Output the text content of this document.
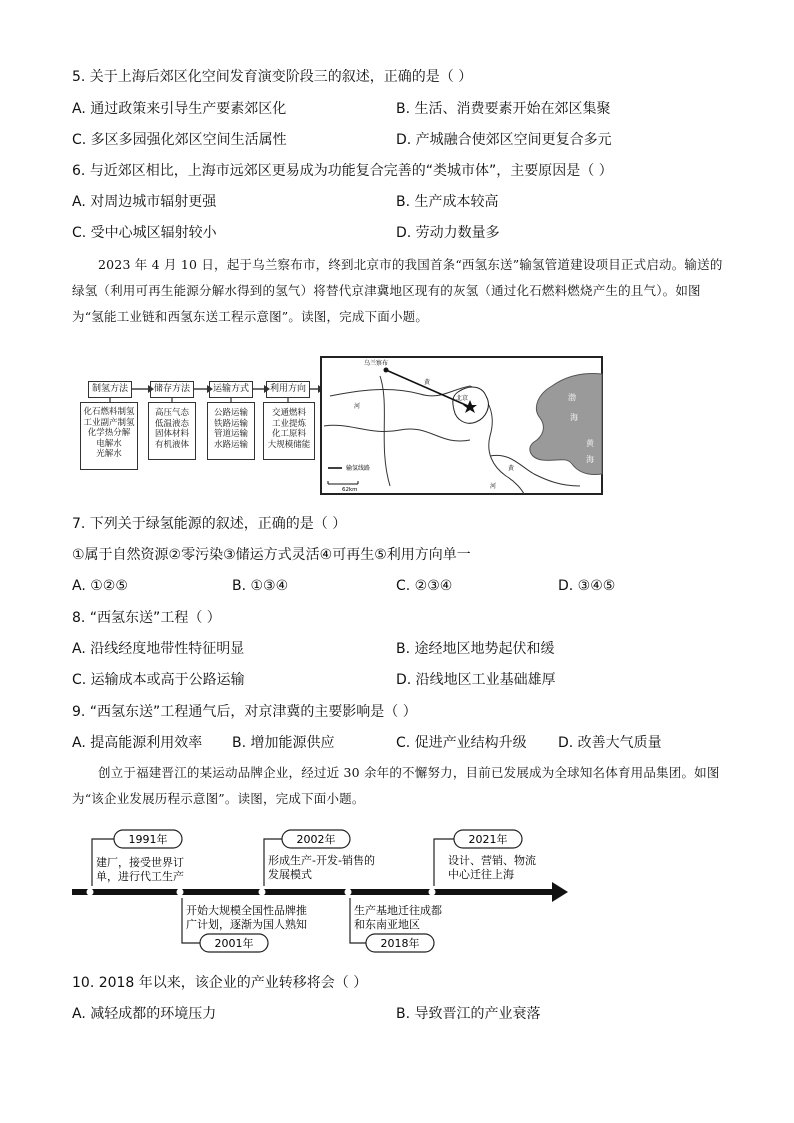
5. 关于上海后郊区化空间发育演变阶段三的叙述，正确的是（ ）
A. 通过政策来引导生产要素郊区化	B. 生活、消费要素开始在郊区集聚
C. 多区多园强化郊区空间生活属性	D. 产城融合使郊区空间更复合多元
6. 与近郊区相比，上海市远郊区更易成为功能复合完善的“类城市体”，主要原因是（ ）
A. 对周边城市辐射更强	B. 生产成本较高
C. 受中心城区辐射较小	D. 劳动力数量多
2023 年 4 月 10 日，起于乌兰察布市，终到北京市的我国首条“西氢东送”输氢管道建设项目正式启动。输送的绿氢（利用可再生能源分解水得到的氢气）将替代京津冀地区现有的灰氢（通过化石燃料燃烧产生的且气）。如图为“氢能工业链和西氢东送工程示意图”。读图，完成下面小题。
制氢方法	储存方法	运输方式	利用方向
化石燃料制氢
工业副产制氢
化学热分解
电解水
光解水
高压气态
低温液态
固体材料
有机液体
公路运输
铁路运输
管道运输
水路运输
交通燃料
工业提炼
化工原料
大规模储能
乌兰察布
北京	渤
海
黄
海
黄
河
黄
河
输氢线路
62km
7. 下列关于绿氢能源的叙述，正确的是（ ）
①属于自然资源②零污染③储运方式灵活④可再生⑤利用方向单一
A. ①②⑤	B. ①③④	C. ②③④	D. ③④⑤
8. “西氢东送”工程（ ）
A. 沿线经度地带性特征明显	B. 途经地区地势起伏和缓
C. 运输成本或高于公路运输	D. 沿线地区工业基础雄厚
9. “西氢东送”工程通气后，对京津冀的主要影响是（ ）
A. 提高能源利用效率 B. 增加能源供应	C. 促进产业结构升级 D. 改善大气质量
创立于福建晋江的某运动品牌企业，经过近 30 余年的不懈努力，目前已发展成为全球知名体育用品集团。如图为“该企业发展历程示意图”。读图，完成下面小题。
1991年
建厂，接受世界订
单，进行代工生产
2001年
开始大规模全国性品牌推
广计划，逐渐为国人熟知
2002年
形成生产-开发-销售的
发展模式
2018年
生产基地迁往成都
和东南亚地区
2021年
设计、营销、物流
中心迁往上海
10. 2018 年以来，该企业的产业转移将会（ ）
A. 减轻成都的环境压力	B. 导致晋江的产业衰落
